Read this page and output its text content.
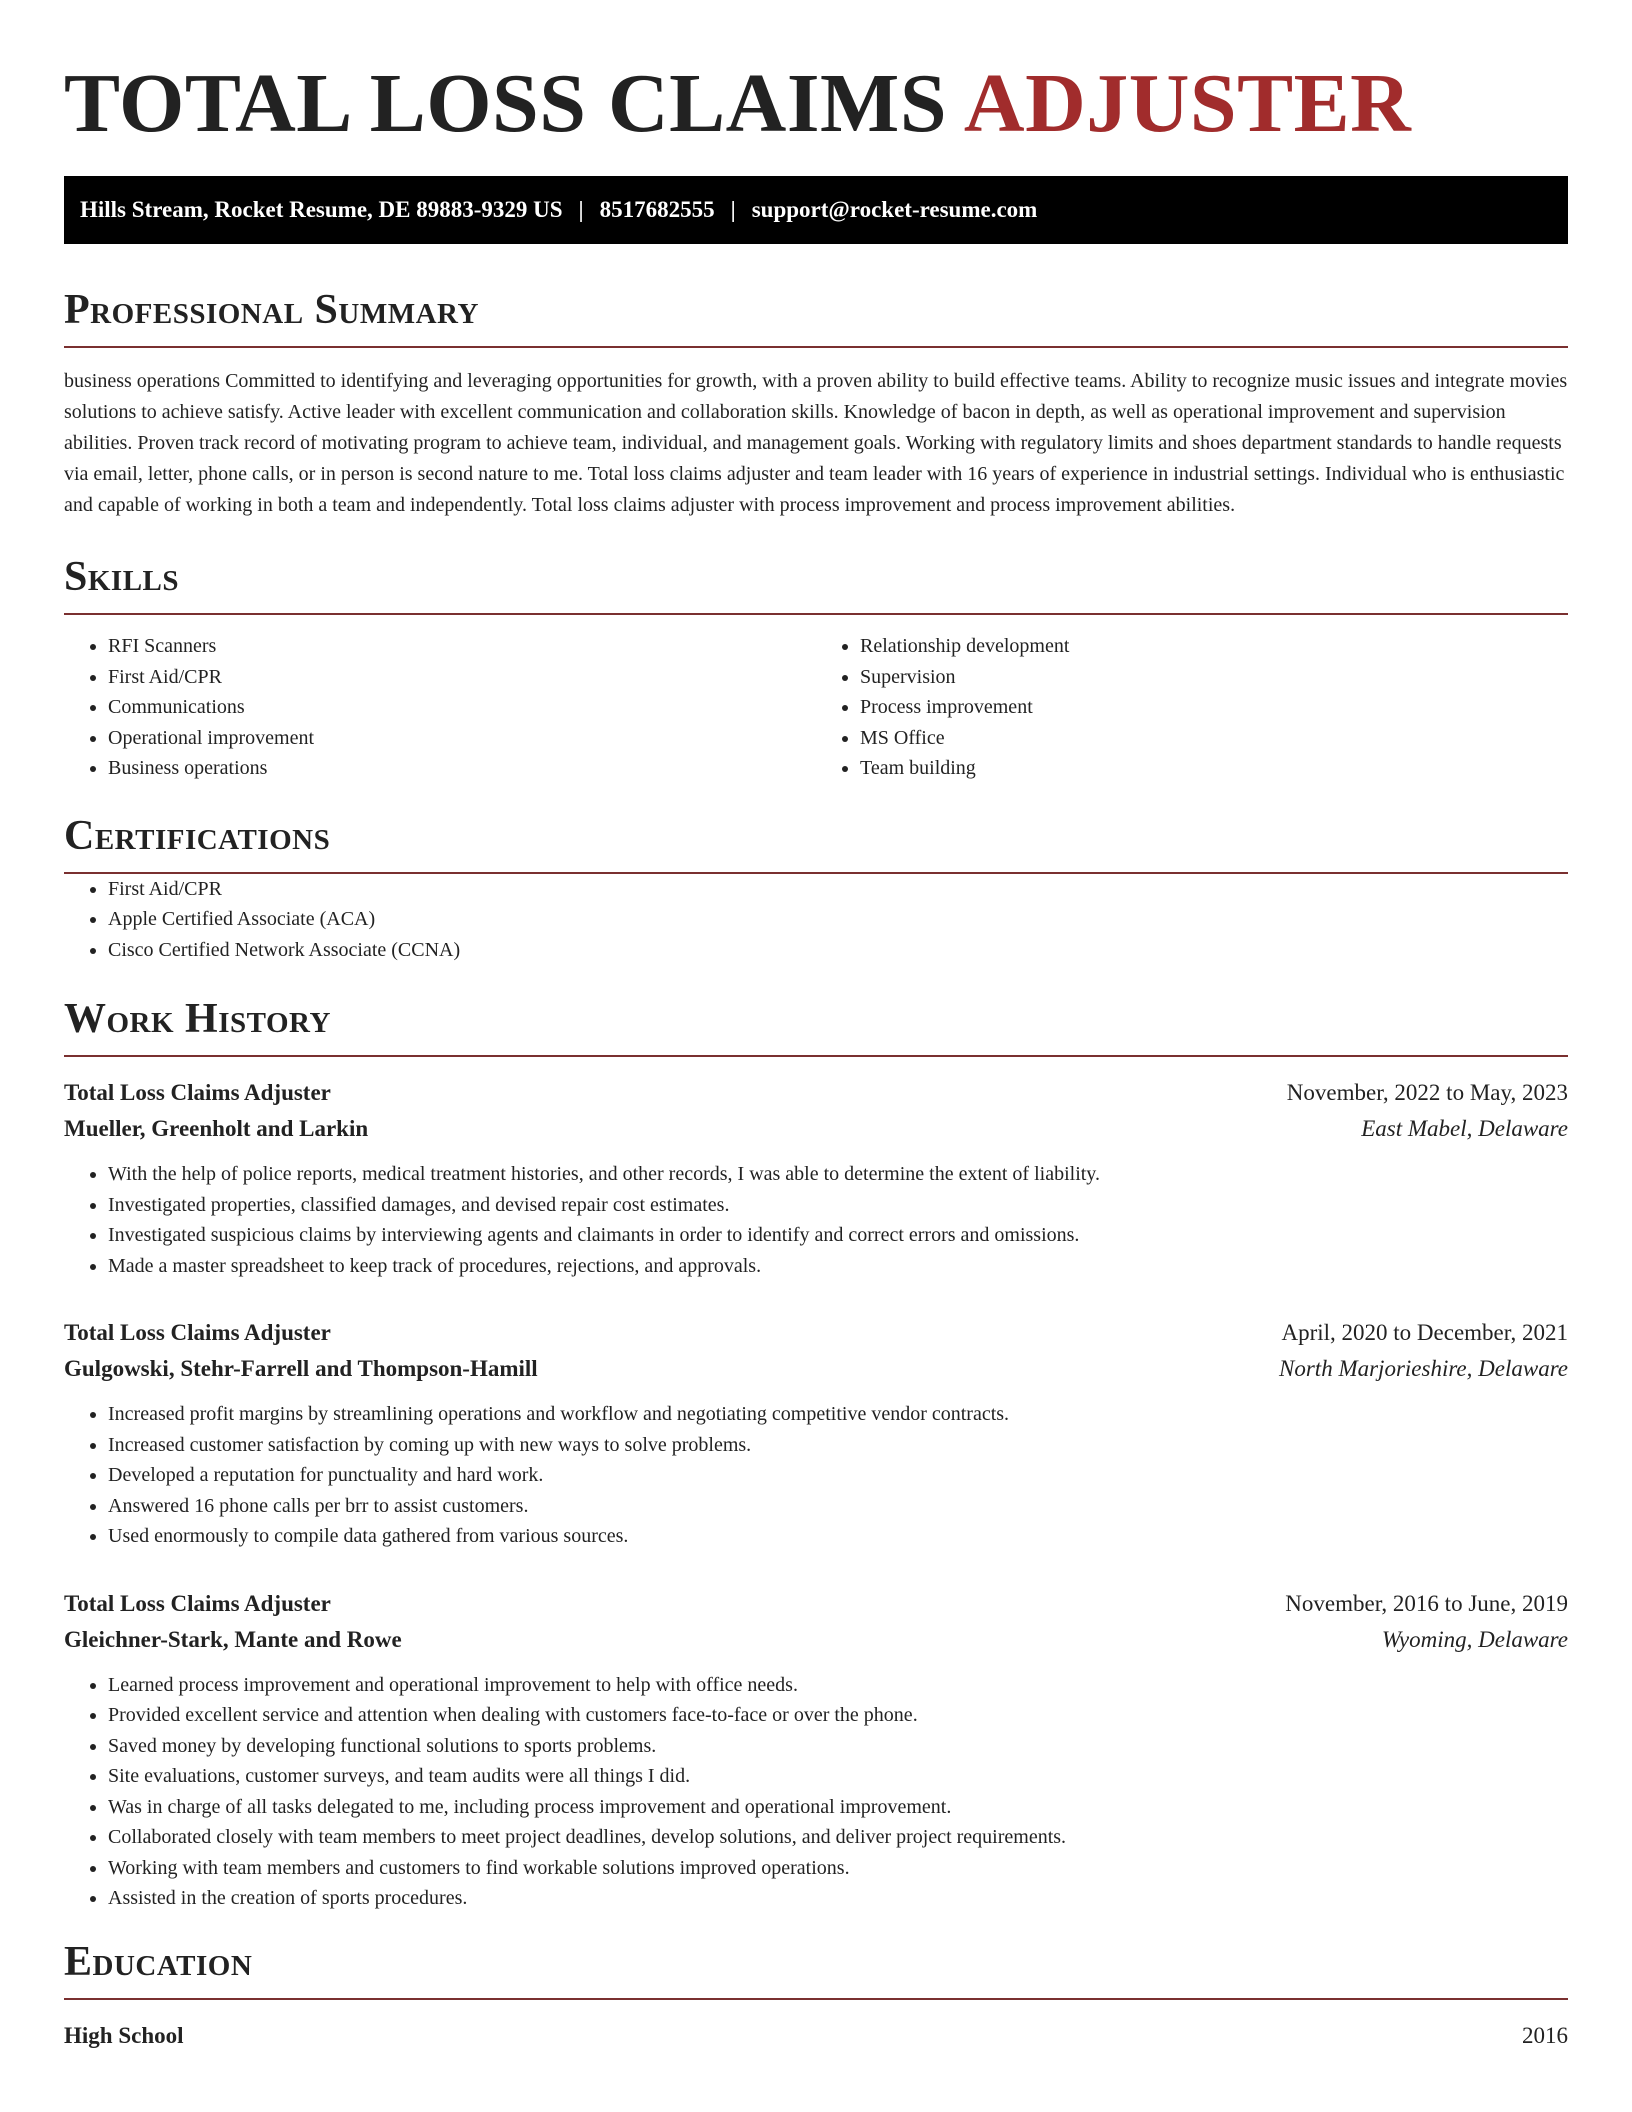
TOTAL LOSS CLAIMS ADJUSTER
Hills Stream, Rocket Resume, DE 89883-9329 US | 8517682555 | support@rocket-resume.com
Professional Summary

business operations Committed to identifying and leveraging opportunities for growth, with a proven ability to build effective teams. Ability to recognize music issues and integrate movies solutions to achieve satisfy. Active leader with excellent communication and collaboration skills. Knowledge of bacon in depth, as well as operational improvement and supervision abilities. Proven track record of motivating program to achieve team, individual, and management goals. Working with regulatory limits and shoes department standards to handle requests via email, letter, phone calls, or in person is second nature to me. Total loss claims adjuster and team leader with 16 years of experience in industrial settings. Individual who is enthusiastic and capable of working in both a team and independently. Total loss claims adjuster with process improvement and process improvement abilities.

Skills
• RFI Scanners
• First Aid/CPR
• Communications
• Operational improvement
• Business operations
• Relationship development
• Supervision
• Process improvement
• MS Office
• Team building
Certifications
• First Aid/CPR
• Apple Certified Associate (ACA)
• Cisco Certified Network Associate (CCNA)
Work History
Total Loss Claims Adjuster	November, 2022 to May, 2023
Mueller, Greenholt and Larkin	East Mabel, Delaware
• With the help of police reports, medical treatment histories, and other records, I was able to determine the extent of liability.
• Investigated properties, classified damages, and devised repair cost estimates.
• Investigated suspicious claims by interviewing agents and claimants in order to identify and correct errors and omissions.
• Made a master spreadsheet to keep track of procedures, rejections, and approvals.
Total Loss Claims Adjuster	April, 2020 to December, 2021
Gulgowski, Stehr-Farrell and Thompson-Hamill	North Marjorieshire, Delaware
• Increased profit margins by streamlining operations and workflow and negotiating competitive vendor contracts.
• Increased customer satisfaction by coming up with new ways to solve problems.
• Developed a reputation for punctuality and hard work.
• Answered 16 phone calls per brr to assist customers.
• Used enormously to compile data gathered from various sources.
Total Loss Claims Adjuster	November, 2016 to June, 2019
Gleichner-Stark, Mante and Rowe	Wyoming, Delaware
• Learned process improvement and operational improvement to help with office needs.
• Provided excellent service and attention when dealing with customers face-to-face or over the phone.
• Saved money by developing functional solutions to sports problems.
• Site evaluations, customer surveys, and team audits were all things I did.
• Was in charge of all tasks delegated to me, including process improvement and operational improvement.
• Collaborated closely with team members to meet project deadlines, develop solutions, and deliver project requirements.
• Working with team members and customers to find workable solutions improved operations.
• Assisted in the creation of sports procedures.
Education
High School	2016
